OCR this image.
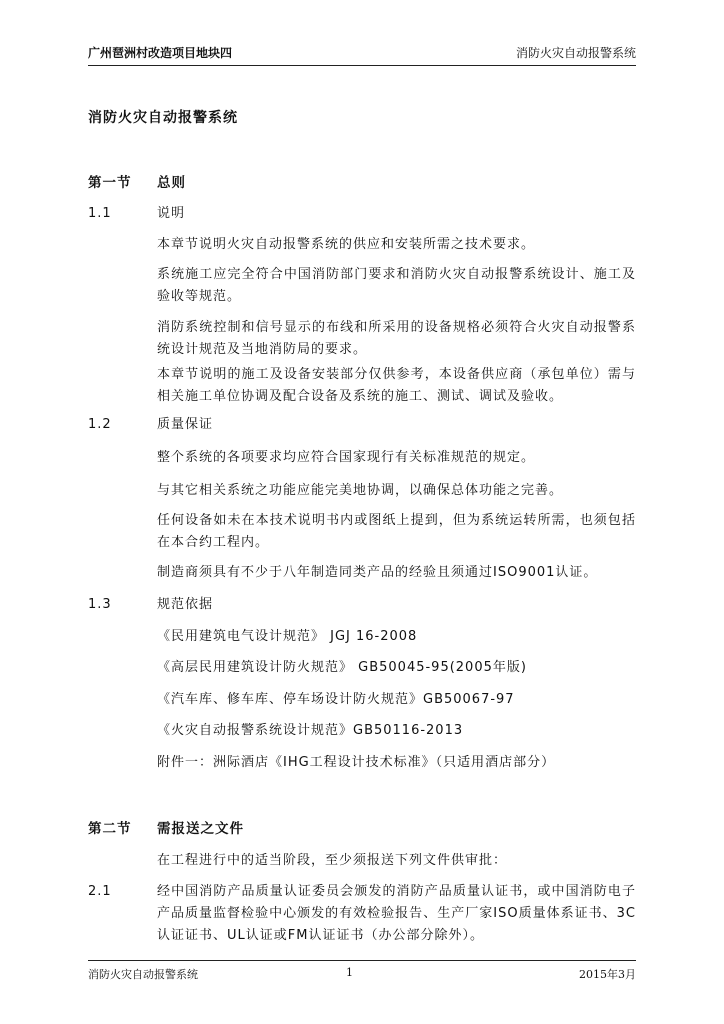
广州琶洲村改造项目地块四	消防火灾自动报警系统
消防火灾自动报警系统
第一节 总则
1.1	说明
本章节说明火灾自动报警系统的供应和安装所需之技术要求。
系统施工应完全符合中国消防部门要求和消防火灾自动报警系统设计、施工及验收等规范。
消防系统控制和信号显示的布线和所采用的设备规格必须符合火灾自动报警系统设计规范及当地消防局的要求。
本章节说明的施工及设备安装部分仅供参考，本设备供应商（承包单位）需与相关施工单位协调及配合设备及系统的施工、测试、调试及验收。
1.2	质量保证
整个系统的各项要求均应符合国家现行有关标准规范的规定。
与其它相关系统之功能应能完美地协调，以确保总体功能之完善。
任何设备如未在本技术说明书内或图纸上提到，但为系统运转所需，也须包括在本合约工程内。
制造商须具有不少于八年制造同类产品的经验且须通过ISO9001认证。
1.3	规范依据
《民用建筑电气设计规范》 JGJ 16-2008
《高层民用建筑设计防火规范》 GB50045-95(2005年版)
《汽车库、修车库、停车场设计防火规范》GB50067-97
《火灾自动报警系统设计规范》GB50116-2013
附件一：洲际酒店《IHG工程设计技术标准》（只适用酒店部分）
第二节 需报送之文件
在工程进行中的适当阶段，至少须报送下列文件供审批：
2.1	经中国消防产品质量认证委员会颁发的消防产品质量认证书，或中国消防电子产品质量监督检验中心颁发的有效检验报告、生产厂家ISO质量体系证书、3C认证证书、UL认证或FM认证证书（办公部分除外）。
消防火灾自动报警系统	1	2015年3月
